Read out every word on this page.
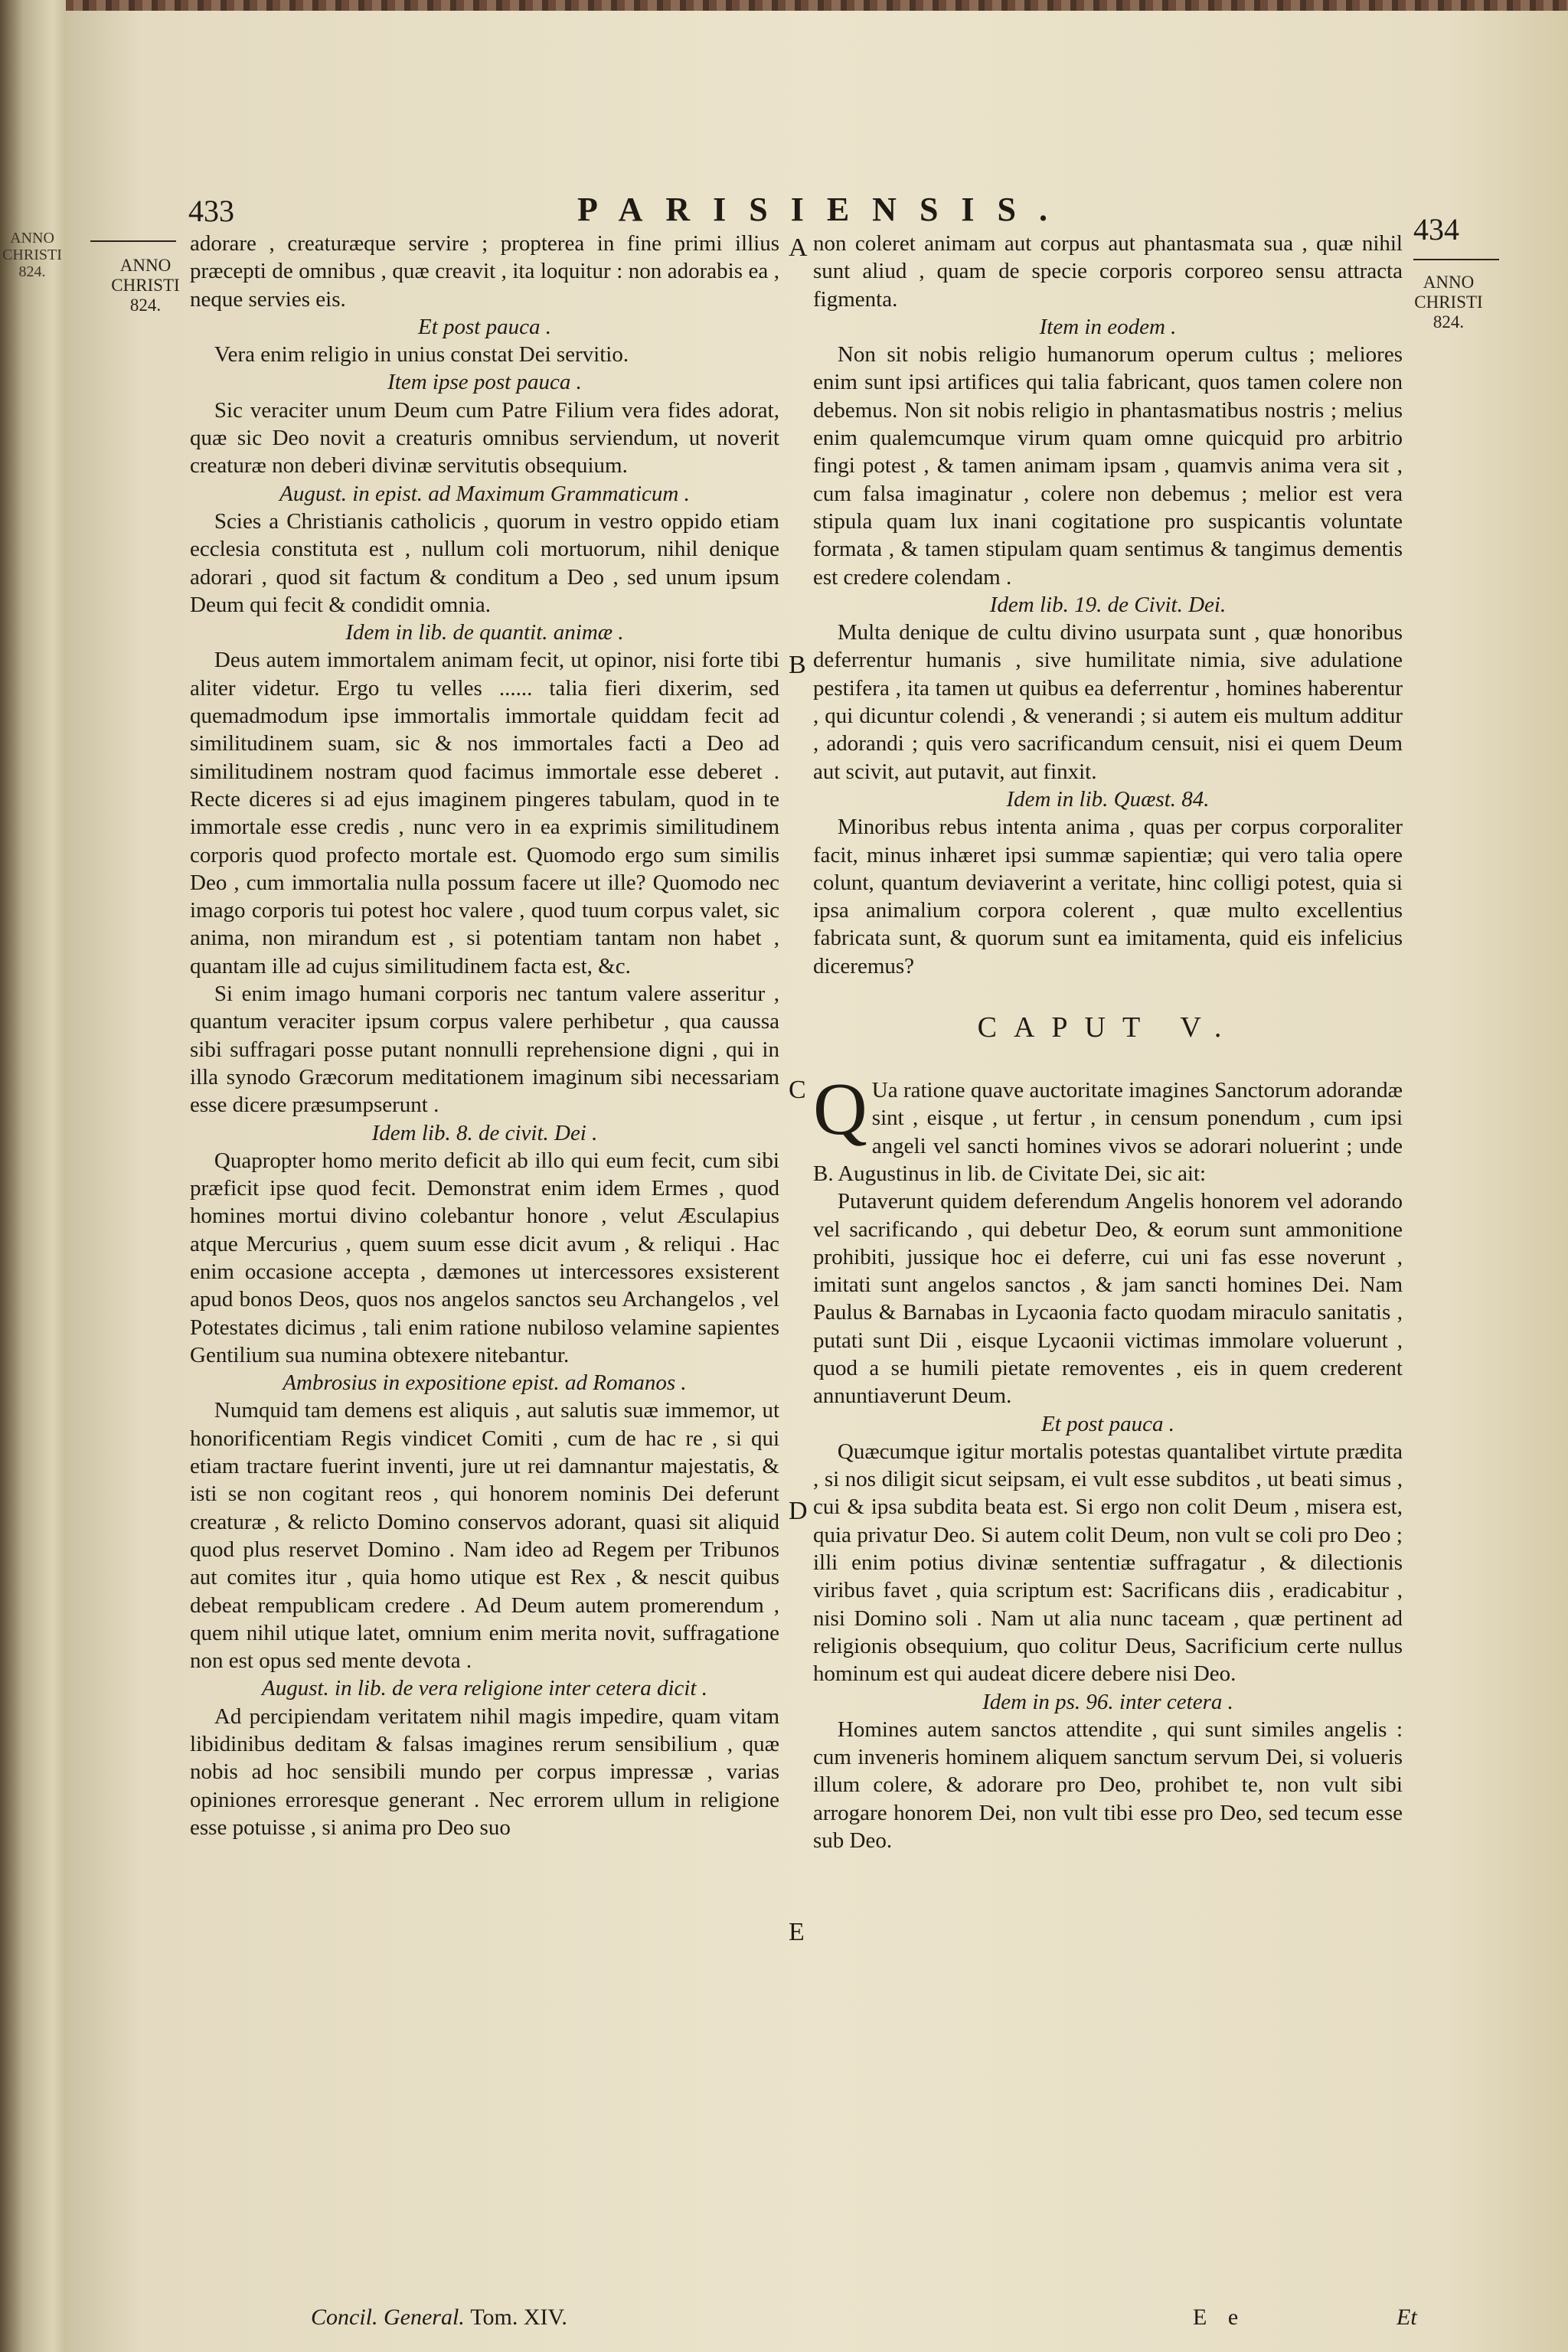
ANNO CHRISTI 824.
433	PARISIENSIS.
434
ANNO CHRISTI 824.
ANNO CHRISTI 824.

adorare , creaturæque servire ; propterea in fine primi illius præcepti de omnibus , quæ creavit , ita loquitur : non adorabis ea , neque servies eis.

Et post pauca .

Vera enim religio in unius constat Dei servitio.

Item ipse post pauca .

Sic veraciter unum Deum cum Patre Filium vera fides adorat, quæ sic Deo novit a creaturis omnibus serviendum, ut noverit creaturæ non deberi divinæ servitutis obsequium.

August. in epist. ad Maximum Grammaticum .

Scies a Christianis catholicis , quorum in vestro oppido etiam ecclesia constituta est , nullum coli mortuorum, nihil denique adorari , quod sit factum & conditum a Deo , sed unum ipsum Deum qui fecit & condidit omnia.

Idem in lib. de quantit. animæ .

Deus autem immortalem animam fecit, ut opinor, nisi forte tibi aliter videtur. Ergo tu velles ...... talia fieri dixerim, sed quemadmodum ipse immortalis immortale quiddam fecit ad similitudinem suam, sic & nos immortales facti a Deo ad similitudinem nostram quod facimus immortale esse deberet . Recte diceres si ad ejus imaginem pingeres tabulam, quod in te immortale esse credis , nunc vero in ea exprimis similitudinem corporis quod profecto mortale est. Quomodo ergo sum similis Deo , cum immortalia nulla possum facere ut ille? Quomodo nec imago corporis tui potest hoc valere , quod tuum corpus valet, sic anima, non mirandum est , si potentiam tantam non habet , quantam ille ad cujus similitudinem facta est, &c.

Si enim imago humani corporis nec tantum valere asseritur , quantum veraciter ipsum corpus valere perhibetur , qua caussa sibi suffragari posse putant nonnulli reprehensione digni , qui in illa synodo Græcorum meditationem imaginum sibi necessariam esse dicere præsumpserunt .

Idem lib. 8. de civit. Dei .

Quapropter homo merito deficit ab illo qui eum fecit, cum sibi præficit ipse quod fecit. Demonstrat enim idem Ermes , quod homines mortui divino colebantur honore , velut Æsculapius atque Mercurius , quem suum esse dicit avum , & reliqui . Hac enim occasione accepta , dæmones ut intercessores exsisterent apud bonos Deos, quos nos angelos sanctos seu Archangelos , vel Potestates dicimus , tali enim ratione nubiloso velamine sapientes Gentilium sua numina obtexere nitebantur.

Ambrosius in expositione epist. ad Romanos .

Numquid tam demens est aliquis , aut salutis suæ immemor, ut honorificentiam Regis vindicet Comiti , cum de hac re , si qui etiam tractare fuerint inventi, jure ut rei damnantur majestatis, & isti se non cogitant reos , qui honorem nominis Dei deferunt creaturæ , & relicto Domino conservos adorant, quasi sit aliquid quod plus reservet Domino . Nam ideo ad Regem per Tribunos aut comites itur , quia homo utique est Rex , & nescit quibus debeat rempublicam credere . Ad Deum autem promerendum , quem nihil utique latet, omnium enim merita novit, suffragatione non est opus sed mente devota .

August. in lib. de vera religione inter cetera dicit .

Ad percipiendam veritatem nihil magis impedire, quam vitam libidinibus deditam & falsas imagines rerum sensibilium , quæ nobis ad hoc sensibili mundo per corpus impressæ , varias opiniones erroresque generant . Nec errorem ullum in religione esse potuisse , si anima pro Deo suo

non coleret animam aut corpus aut phantasmata sua , quæ nihil sunt aliud , quam de specie corporis corporeo sensu attracta figmenta.

Item in eodem .

Non sit nobis religio humanorum operum cultus ; meliores enim sunt ipsi artifices qui talia fabricant, quos tamen colere non debemus. Non sit nobis religio in phantasmatibus nostris ; melius enim qualemcumque virum quam omne quicquid pro arbitrio fingi potest , & tamen animam ipsam , quamvis anima vera sit , cum falsa imaginatur , colere non debemus ; melior est vera stipula quam lux inani cogitatione pro suspicantis voluntate formata , & tamen stipulam quam sentimus & tangimus dementis est credere colendam .

Idem lib. 19. de Civit. Dei.

Multa denique de cultu divino usurpata sunt , quæ honoribus deferrentur humanis , sive humilitate nimia, sive adulatione pestifera , ita tamen ut quibus ea deferrentur , homines haberentur , qui dicuntur colendi , & venerandi ; si autem eis multum additur , adorandi ; quis vero sacrificandum censuit, nisi ei quem Deum aut scivit, aut putavit, aut finxit.

Idem in lib. Quæst. 84.

Minoribus rebus intenta anima , quas per corpus corporaliter facit, minus inhæret ipsi summæ sapientiæ; qui vero talia opere colunt, quantum deviaverint a veritate, hinc colligi potest, quia si ipsa animalium corpora colerent , quæ multo excellentius fabricata sunt, & quorum sunt ea imitamenta, quid eis infelicius diceremus?

CAPUT V.

Q Ua ratione quave auctoritate imagines Sanctorum adorandæ sint , eisque , ut fertur , in censum ponendum , cum ipsi angeli vel sancti homines vivos se adorari noluerint ; unde B. Augustinus in lib. de Civitate Dei, sic ait:

Putaverunt quidem deferendum Angelis honorem vel adorando vel sacrificando , qui debetur Deo, & eorum sunt ammonitione prohibiti, jussique hoc ei deferre, cui uni fas esse noverunt , imitati sunt angelos sanctos , & jam sancti homines Dei. Nam Paulus & Barnabas in Lycaonia facto quodam miraculo sanitatis , putati sunt Dii , eisque Lycaonii victimas immolare voluerunt , quod a se humili pietate removentes , eis in quem crederent annuntiaverunt Deum.

Et post pauca .

Quæcumque igitur mortalis potestas quantalibet virtute prædita , si nos diligit sicut seipsam, ei vult esse subditos , ut beati simus , cui & ipsa subdita beata est. Si ergo non colit Deum , misera est, quia privatur Deo. Si autem colit Deum, non vult se coli pro Deo ; illi enim potius divinæ sententiæ suffragatur , & dilectionis viribus favet , quia scriptum est: Sacrificans diis , eradicabitur , nisi Domino soli . Nam ut alia nunc taceam , quæ pertinent ad religionis obsequium, quo colitur Deus, Sacrificium certe nullus hominum est qui audeat dicere debere nisi Deo.

Idem in ps. 96. inter cetera .

Homines autem sanctos attendite , qui sunt similes angelis : cum inveneris hominem aliquem sanctum servum Dei, si volueris illum colere, & adorare pro Deo, prohibet te, non vult sibi arrogare honorem Dei, non vult tibi esse pro Deo, sed tecum esse sub Deo.

A
B
C
D
E
Concil. General. Tom. XIV.	E e	Et
